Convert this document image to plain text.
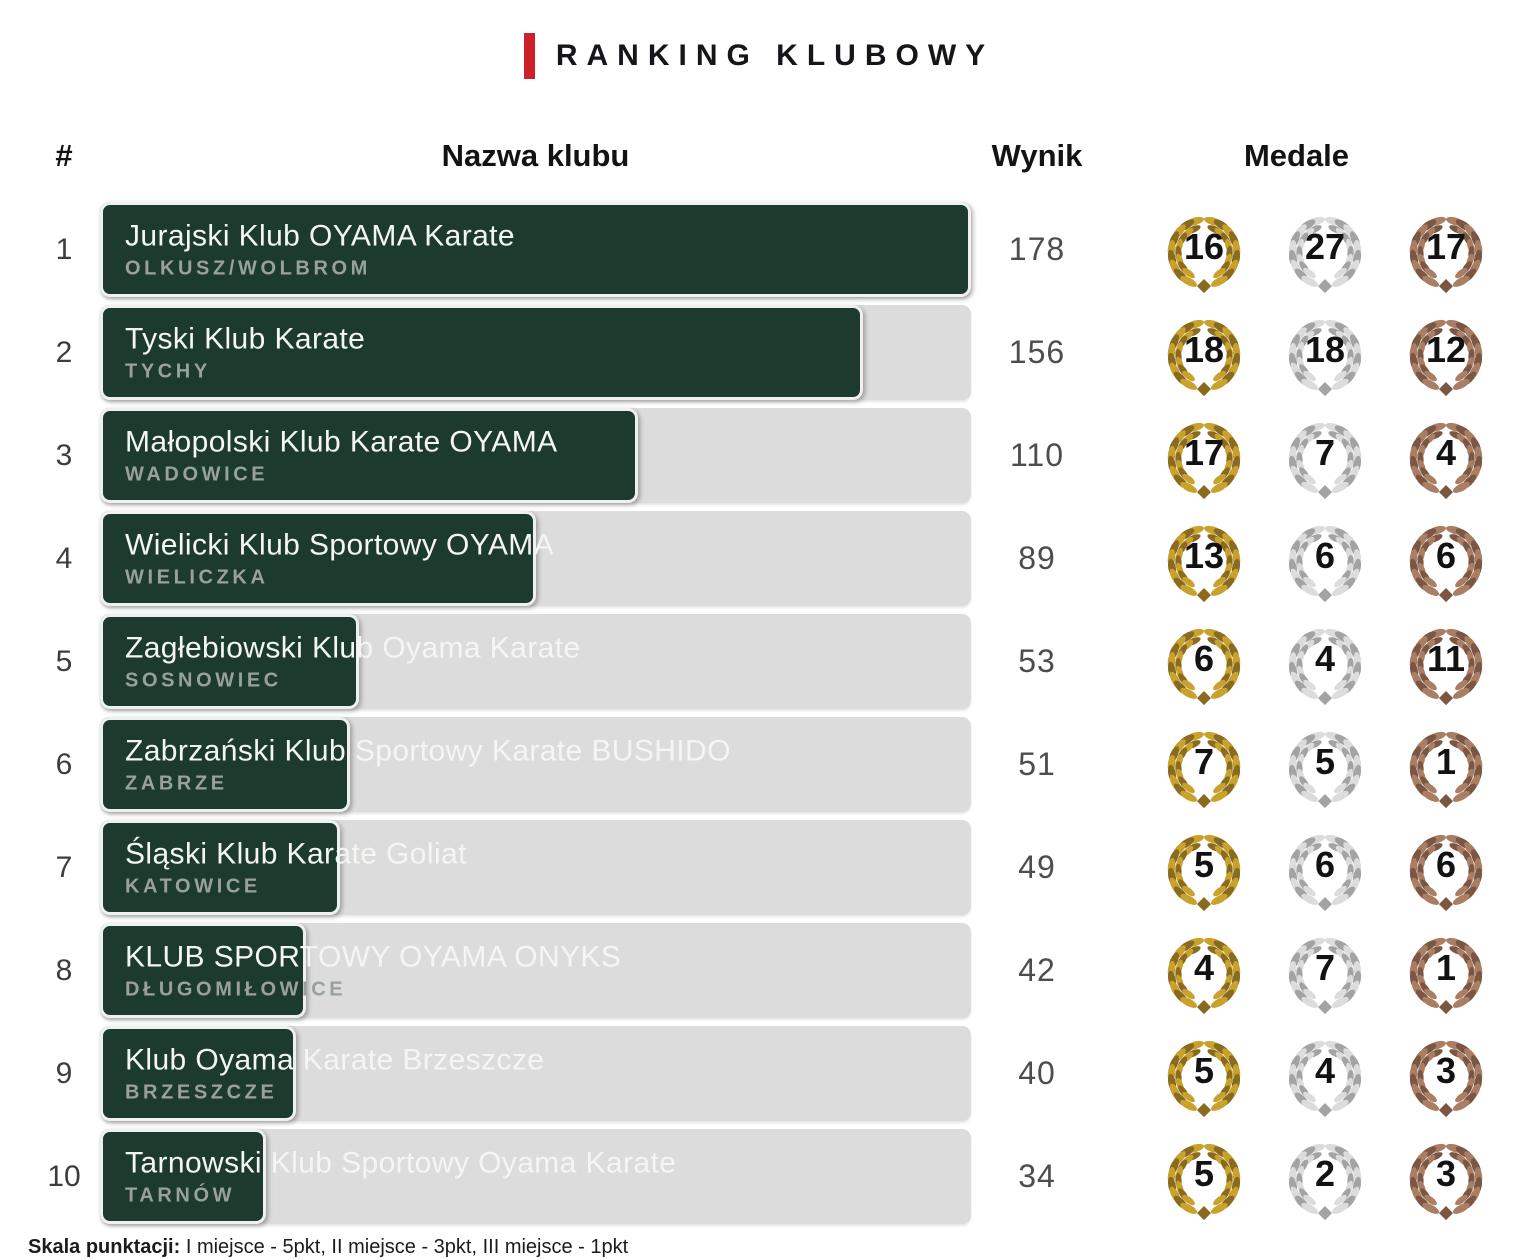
RANKING KLUBOWY
#	Nazwa klubu	Wynik	Medale
1	Jurajski Klub OYAMA Karate
OLKUSZ/WOLBROM
178	16 27 17
2	Tyski Klub Karate
TYCHY
156	18 18 12
3	Małopolski Klub Karate OYAMA
WADOWICE
110	17	7	4
4	Wielicki Klub Sportowy OYAMA
WIELICZKA
89	13	6	6
5	Zagłebiowski Klub Oyama Karate
SOSNOWIEC
53	6	4	11
6	Zabrzański Klub Sportowy Karate BUSHIDO
ZABRZE
51	7	5	1
7	Śląski Klub Karate Goliat
KATOWICE
49	5	6	6
8	KLUB SPORTOWY OYAMA ONYKS
DŁUGOMIŁOWICE
42	4	7	1
9	Klub Oyama Karate Brzeszcze
BRZESZCZE
40	5	4	3
10	Tarnowski Klub Sportowy Oyama Karate
TARNÓW
34	5	2	3
Skala punktacji: I miejsce - 5pkt, II miejsce - 3pkt, III miejsce - 1pkt
